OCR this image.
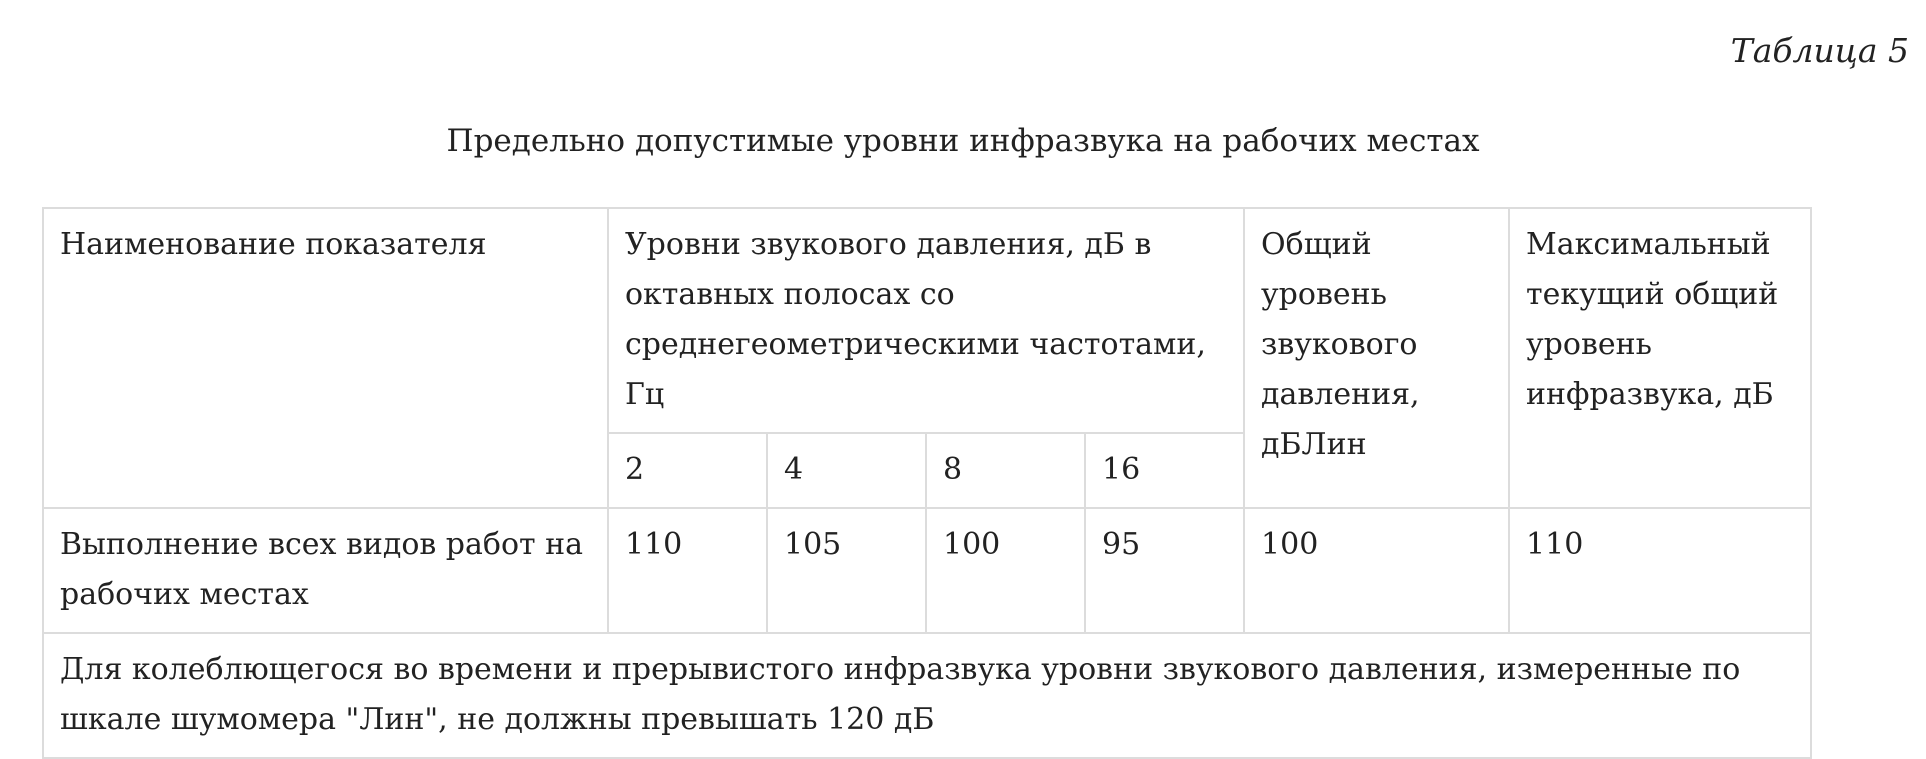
Таблица 5
Предельно допустимые уровни инфразвука на рабочих местах
Наименование показателя	Уровни звукового давления, дБ в октавных полосах со среднегеометрическими частотами, Гц				Общий уровень звукового давления, дБЛин	Максимальный текущий общий уровень инфразвука, дБ
	2	4	8	16		
Выполнение всех видов работ на рабочих местах	110	105	100	95	100	110
Для колеблющегося во времени и прерывистого инфразвука уровни звукового давления, измеренные по шкале шумомера "Лин", не должны превышать 120 дБ						
